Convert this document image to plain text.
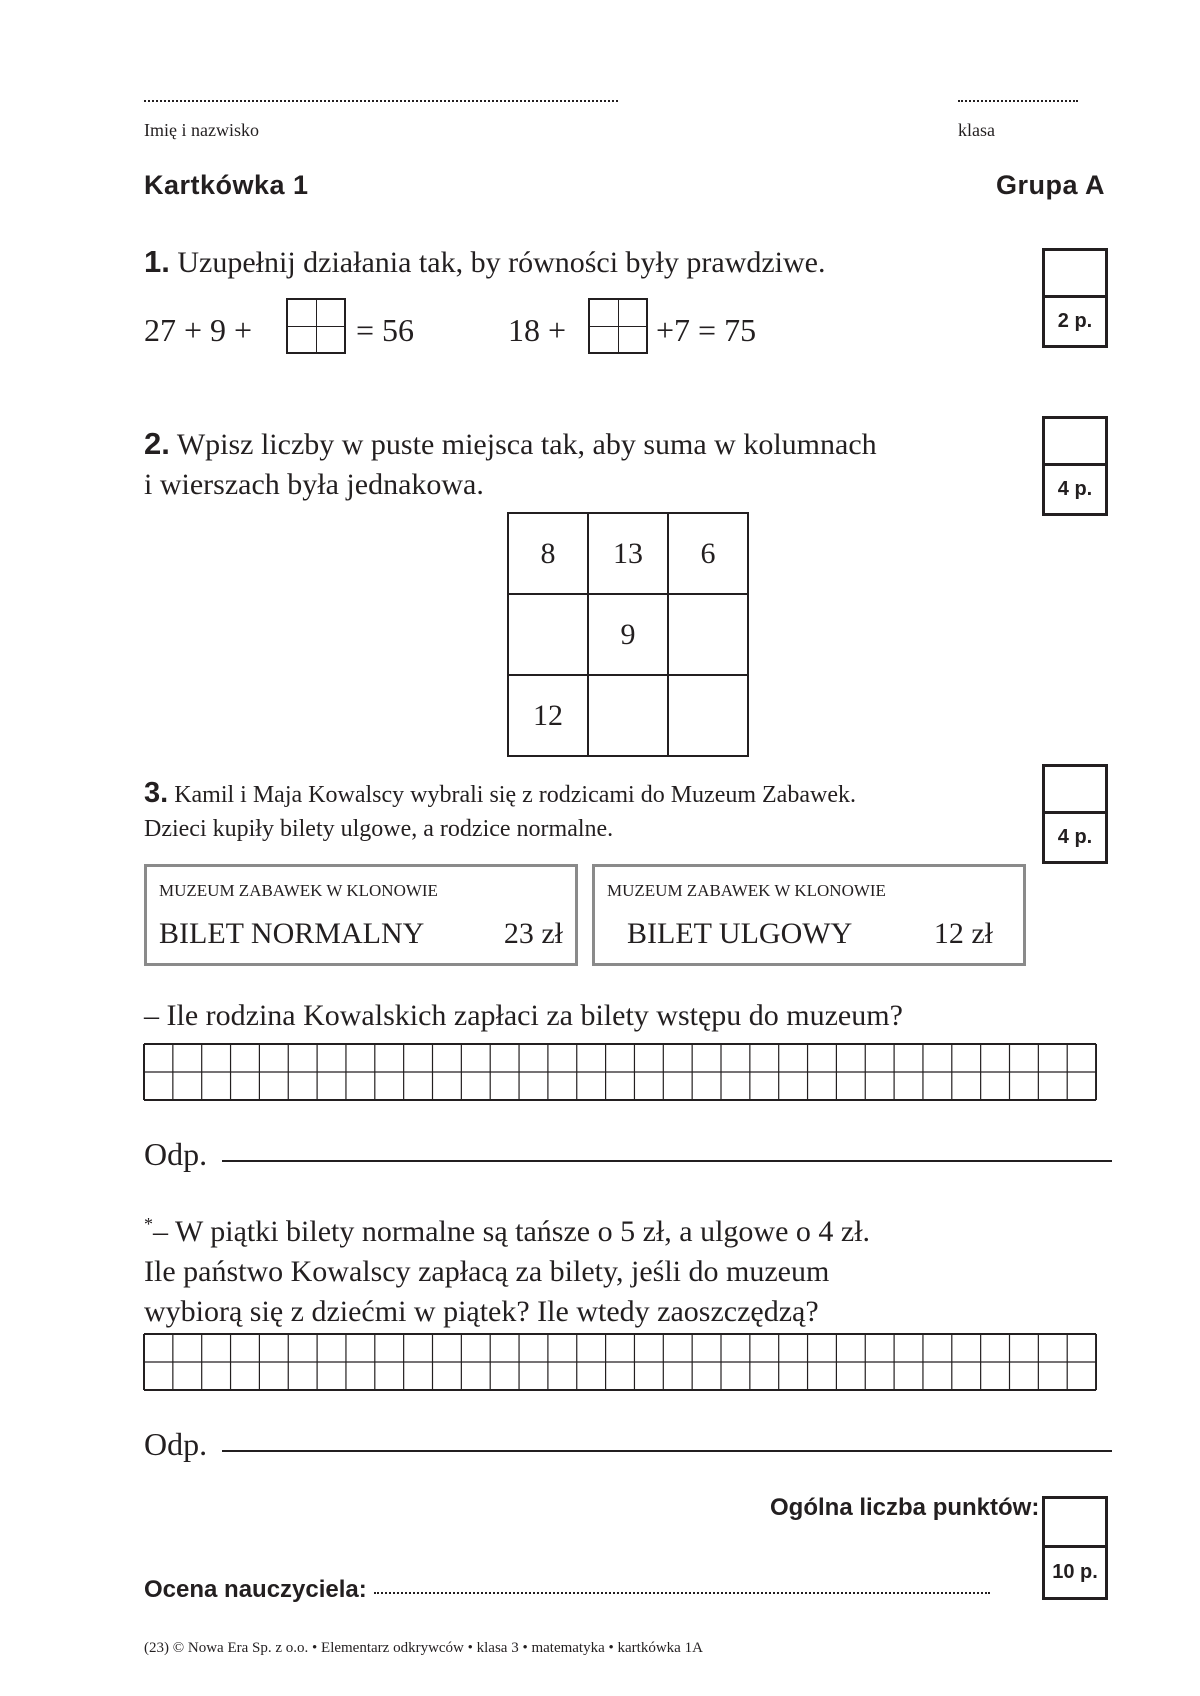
Imię i nazwisko	klasa
Kartkówka 1	Grupa A
1. Uzupełnij działania tak, by równości były prawdziwe.
2 p.
27 + 9 +	= 56	18 +	+7 = 75
2. Wpisz liczby w puste miejsca tak, aby suma w kolumnach
i wierszach była jednakowa.	4 p.
8	13	6
	9	
12		
3. Kamil i Maja Kowalscy wybrali się z rodzicami do Muzeum Zabawek.
Dzieci kupiły bilety ulgowe, a rodzice normalne.	4 p.
MUZEUM ZABAWEK W KLONOWIE
BILET NORMALNY	23 zł
MUZEUM ZABAWEK W KLONOWIE
BILET ULGOWY	12 zł
– Ile rodzina Kowalskich zapłaci za bilety wstępu do muzeum?
Odp.
*– W piątki bilety normalne są tańsze o 5 zł, a ulgowe o 4 zł.
Ile państwo Kowalscy zapłacą za bilety, jeśli do muzeum
wybiorą się z dziećmi w piątek? Ile wtedy zaoszczędzą?
Odp.
Ogólna liczba punktów:
10 p.
Ocena nauczyciela:
(23) © Nowa Era Sp. z o.o. • Elementarz odkrywców • klasa 3 • matematyka • kartkówka 1A
